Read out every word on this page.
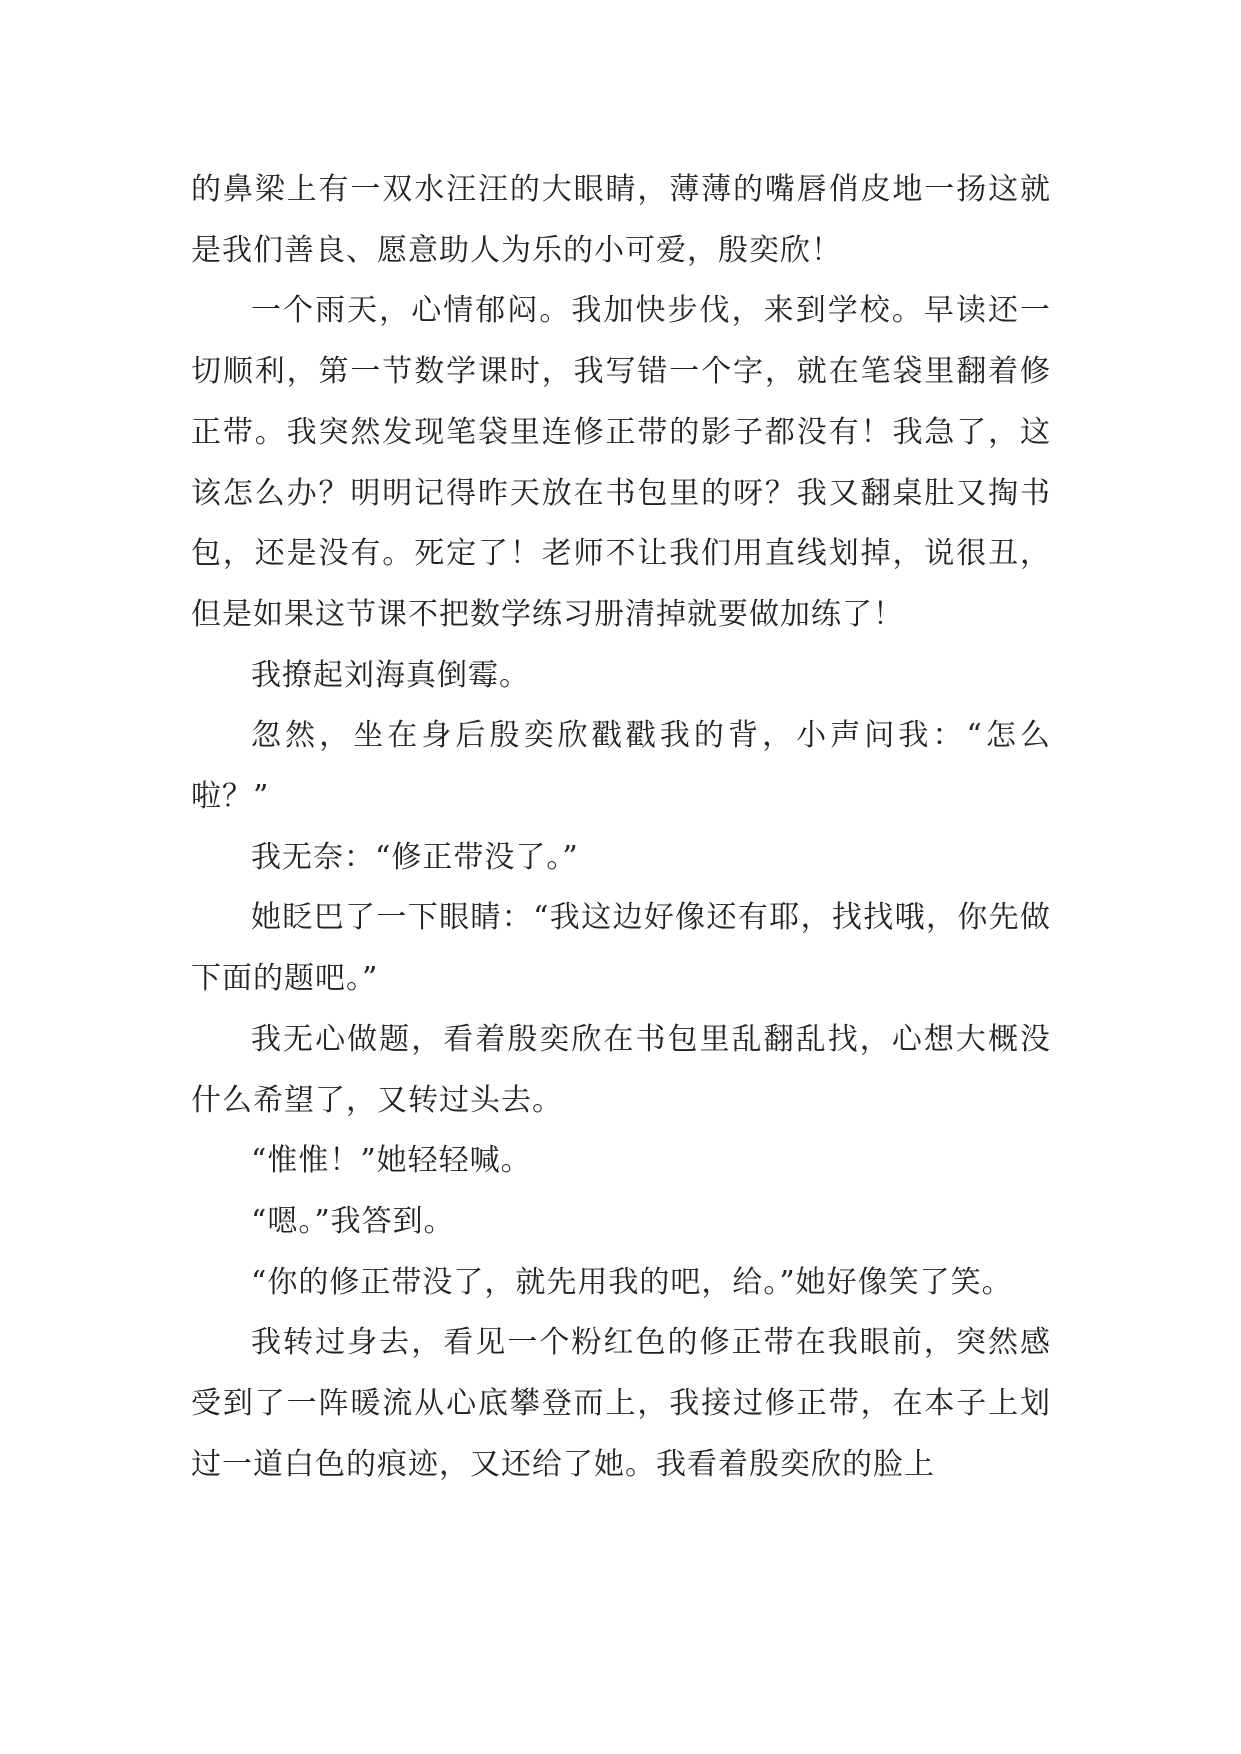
的鼻梁上有一双水汪汪的大眼睛，薄薄的嘴唇俏皮地一扬这就是我们善良、愿意助人为乐的小可爱，殷奕欣！

一个雨天，心情郁闷。我加快步伐，来到学校。早读还一切顺利，第一节数学课时，我写错一个字，就在笔袋里翻着修正带。我突然发现笔袋里连修正带的影子都没有！我急了，这该怎么办？明明记得昨天放在书包里的呀？我又翻桌肚又掏书包，还是没有。死定了！老师不让我们用直线划掉，说很丑，但是如果这节课不把数学练习册清掉就要做加练了！

我撩起刘海真倒霉。

忽然，坐在身后殷奕欣戳戳我的背，小声问我：“怎么啦？”

我无奈：“修正带没了。”

她眨巴了一下眼睛：“我这边好像还有耶，找找哦，你先做下面的题吧。”

我无心做题，看着殷奕欣在书包里乱翻乱找，心想大概没什么希望了，又转过头去。

“惟惟！”她轻轻喊。

“嗯。”我答到。

“你的修正带没了，就先用我的吧，给。”她好像笑了笑。

我转过身去，看见一个粉红色的修正带在我眼前，突然感受到了一阵暖流从心底攀登而上，我接过修正带，在本子上划过一道白色的痕迹，又还给了她。我看着殷奕欣的脸上
